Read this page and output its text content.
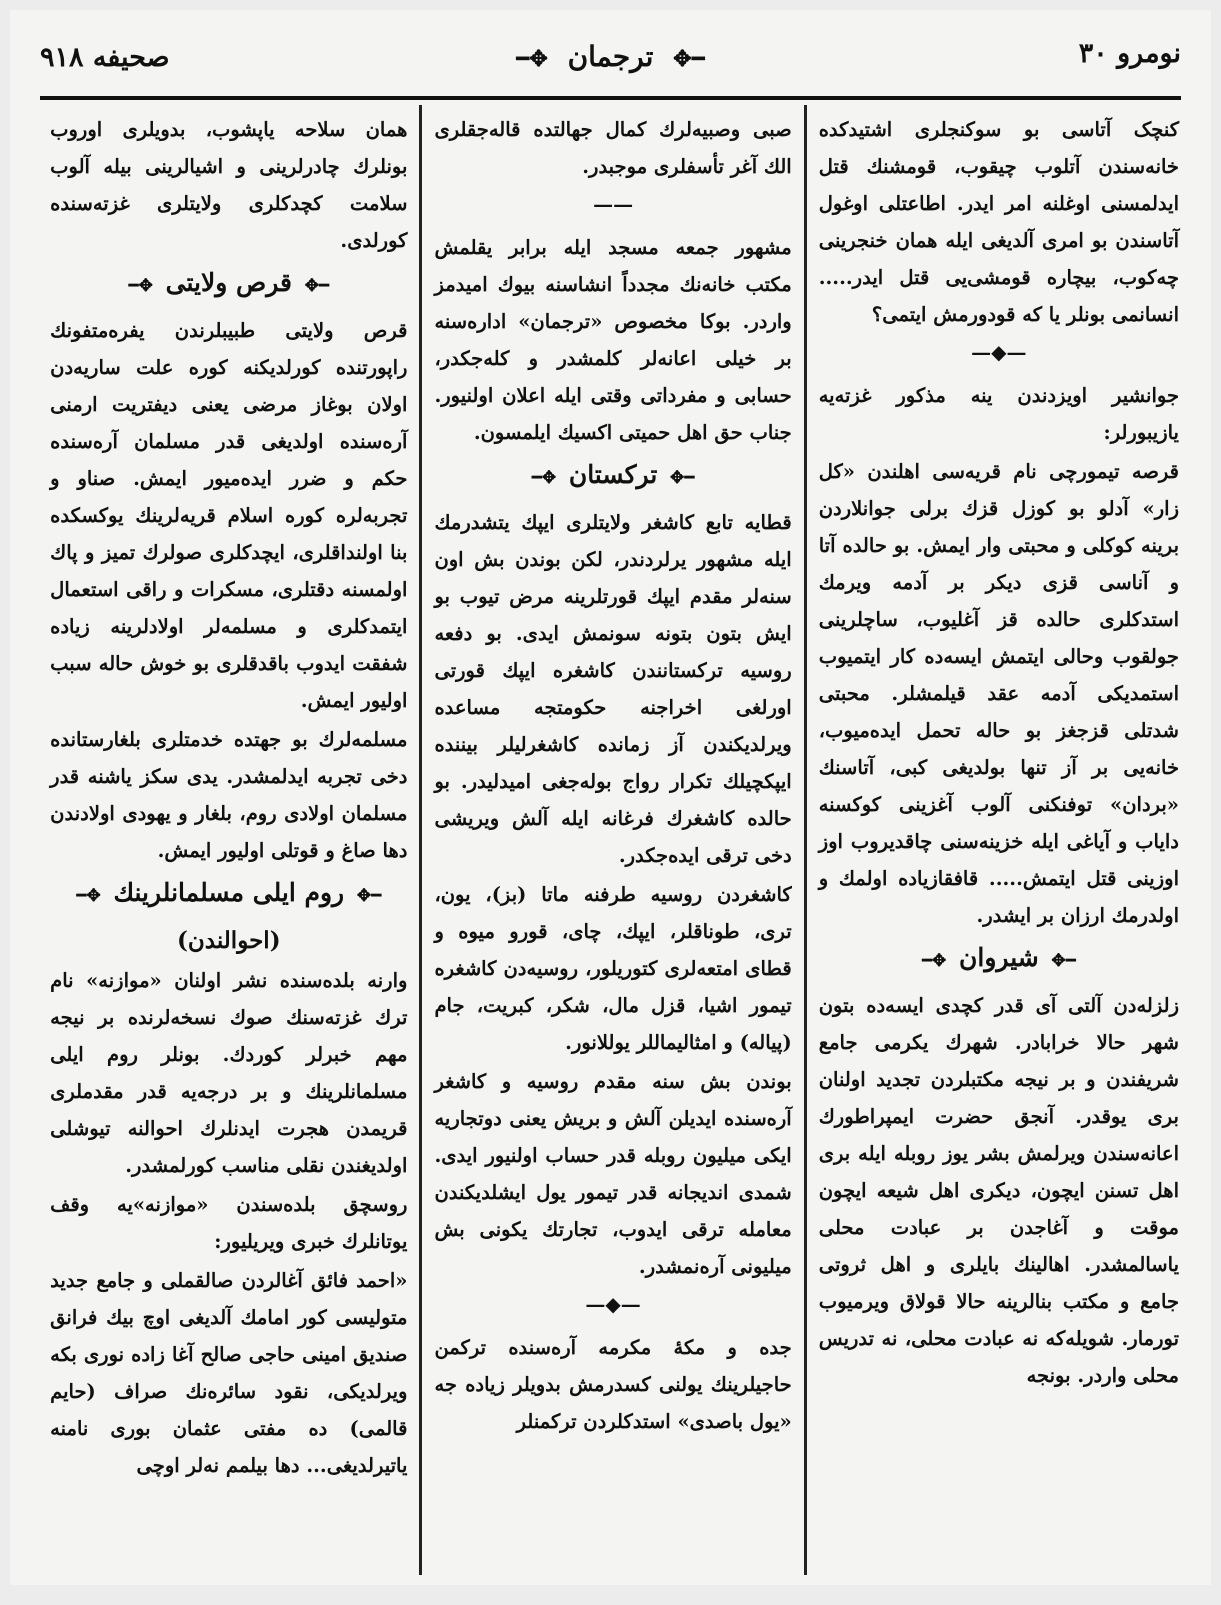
نومرو ۳۰
━✥ ترجمان ✥━
صحیفه ۹۱۸

کنچک آتاسی بو سوکنجلری اشتیدکده خانه‌سندن آتلوب چیقوب، قومشنك قتل ایدلمسنی اوغلنه امر ایدر. اطاعتلی اوغول آتاسندن بو امری آلدیغی ایله همان خنجرینی چه‌کوب، بیچاره قومشی‌یی قتل ایدر..... انسانمی بونلر یا که قودورمش ایتمی؟

—◆—

جوانشیر اویزدندن ینه مذکور غزته‌یه یازیبورلر:

قرصه تیمورچی نام قریه‌سی اهلندن «کل زار» آدلو بو کوزل قزك برلی جوانلاردن برینه کوکلی و محبتی وار ایمش. بو حالده آتا و آناسی قزی دیکر بر آدمه ویرمك استدکلری حالده قز آغلیوب، ساچلرینی جولقوب وحالی ایتمش ایسه‌ده کار ایتمیوب استمدیکی آدمه عقد قیلمشلر. محبتی شدتلی قزجغز بو حاله تحمل ایده‌میوب، خانه‌یی بر آز تنها بولدیغی کبی، آتاسنك «بردان» توفنکنی آلوب آغزینی کوکسنه دایاب و آیاغی ایله خزینه‌سنی چاقدیروب اوز اوزینی قتل ایتمش..... قافقازیاده اولمك و اولدرمك ارزان بر ایشدر.

━✥ شیروان ✥━

زلزله‌دن آلتی آی قدر کچدی ایسه‌ده بتون شهر حالا خرابادر. شهرك یکرمی جامع شریفندن و بر نیجه مکتبلردن تجدید اولنان بری یوقدر. آنجق حضرت ایمپراطورك اعانه‌سندن ویرلمش بشر یوز روبله ایله بری اهل تسنن ایچون، دیکری اهل شیعه ایچون موقت و آغاجدن بر عبادت محلی یاسالمشدر. اهالینك بایلری و اهل ثروتی جامع و مکتب بنالرینه حالا قولاق ویرمیوب تورمار. شویله‌که نه عبادت محلی، نه تدریس محلی واردر. بونجه

صبی وصبیه‌لرك کمال جهالتده قاله‌جقلری الك آغر تأسفلری موجبدر.

——

مشهور جمعه مسجد ایله برابر یقلمش مکتب خانه‌نك مجدداً انشاسنه بیوك امیدمز واردر. بوکا مخصوص «ترجمان» اداره‌سنه بر خیلی اعانه‌لر کلمشدر و کله‌جکدر، حسابی و مفرداتی وقتی ایله اعلان اولنیور. جناب حق اهل حمیتی اکسیك ایلمسون.

━✥ ترکستان ✥━

قطایه تابع کاشغر ولایتلری ایپك یتشدرمك ایله مشهور یرلردندر، لکن بوندن بش اون سنه‌لر مقدم ایپك قورتلرینه مرض تیوب بو ایش بتون بتونه سونمش ایدی. بو دفعه روسیه ترکستانندن کاشغره ایپك قورتی اورلغی اخراجنه حکومتجه مساعده ویرلدیکندن آز زمانده کاشغرلیلر بیننده ایپکچیلك تکرار رواج بوله‌جغی امیدلیدر. بو حالده کاشغرك فرغانه ایله آلش ویریشی دخی ترقی ایده‌جکدر.

کاشغردن روسیه طرفنه ماتا (بز)، یون، تری، طوناقلر، ایپك، چای، قورو میوه و قطای امتعه‌لری کتوریلور، روسیه‌دن کاشغره تیمور اشیا، قزل مال، شکر، کبریت، جام (پیاله) و امثالیماللر یوللانور.

بوندن بش سنه مقدم روسیه و کاشغر آره‌سنده ایدیلن آلش و بریش یعنی دوتجاریه ایکی میلیون روبله قدر حساب اولنیور ایدی. شمدی اندیجانه قدر تیمور یول ایشلدیکندن معامله ترقی ایدوب، تجارتك یکونی بش میلیونی آره‌نمشدر.

—◆—

جده و مکهٔ مکرمه آره‌سنده ترکمن حاجیلرینك یولنی کسدرمش بدویلر زیاده جه «یول باصدی» استدکلردن ترکمنلر

همان سلاحه یاپشوب، بدویلری اوروب بونلرك چادرلرینی و اشیالرینی بیله آلوب سلامت کچدکلری ولایتلری غزته‌سنده کورلدی.

━✥ قرص ولایتی ✥━

قرص ولایتی طبیبلرندن یفره‌متفونك راپورتنده کورلدیکنه کوره علت ساریه‌دن اولان بوغاز مرضی یعنی دیفتریت ارمنی آره‌سنده اولدیغی قدر مسلمان آره‌سنده حکم و ضرر ایده‌میور ایمش. صناو و تجربه‌لره کوره اسلام قریه‌لرینك یوکسکده بنا اولنداقلری، ایچدکلری صولرك تمیز و پاك اولمسنه دقتلری، مسکرات و راقی استعمال ایتمدکلری و مسلمه‌لر اولادلرینه زیاده شفقت ایدوب باقدقلری بو خوش حاله سبب اولیور ایمش.

مسلمه‌لرك بو جهتده خدمتلری بلغارستانده دخی تجربه ایدلمشدر. یدی سکز یاشنه قدر مسلمان اولادی روم، بلغار و یهودی اولادندن دها صاغ و قوتلی اولیور ایمش.

━✥ روم ایلی مسلمانلرینك ✥━
(احوالندن)

وارنه بلده‌سنده نشر اولنان «موازنه» نام ترك غزته‌سنك صوك نسخه‌لرنده بر نیجه مهم خبرلر کوردك. بونلر روم ایلی مسلمانلرینك و بر درجه‌یه قدر مقدملری قریمدن هجرت ایدنلرك احوالنه تیوشلی اولدیغندن نقلی مناسب کورلمشدر.

روسچق بلده‌سندن «موازنه»یه وقف یوتانلرك خبری ویریلیور:

«احمد فائق آغالردن صالقملی و جامع جدید متولیسی کور امامك آلدیغی اوچ بیك فرانق صندیق امینی حاجی صالح آغا زاده نوری بکه ویرلدیکی، نقود سائره‌نك صراف (حایم قالمی) ده مفتی عثمان بوری نامنه یاتیرلدیغی... دها بیلمم نه‌لر اوچی
